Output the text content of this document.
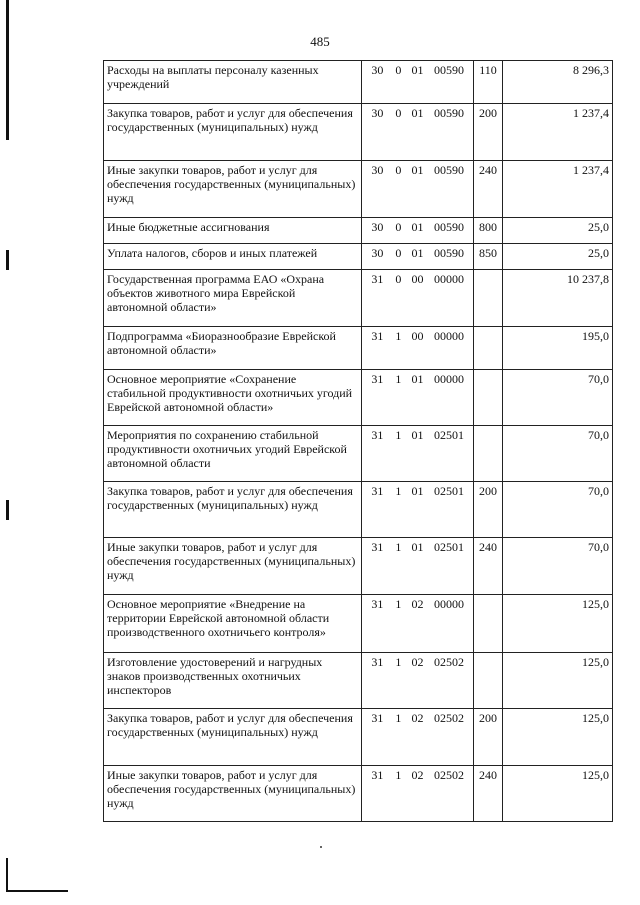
485
Расходы на выплаты персоналу казенных учреждений	30 0 01 00590	110	8 296,3
Закупка товаров, работ и услуг для обеспечения государственных (муниципальных) нужд	30 0 01 00590	200	1 237,4
Иные закупки товаров, работ и услуг для обеспечения государственных (муниципальных) нужд	30 0 01 00590	240	1 237,4
Иные бюджетные ассигнования	30 0 01 00590	800	25,0
Уплата налогов, сборов и иных платежей	30 0 01 00590	850	25,0
Государственная программа ЕАО «Охрана объектов животного мира Еврейской автономной области»	31 0 00 00000		10 237,8
Подпрограмма «Биоразнообразие Еврейской автономной области»	31 1 00 00000		195,0
Основное мероприятие «Сохранение стабильной продуктивности охотничьих угодий Еврейской автономной области»	31 1 01 00000		70,0
Мероприятия по сохранению стабильной продуктивности охотничьих угодий Еврейской автономной области	31 1 01 02501		70,0
Закупка товаров, работ и услуг для обеспечения государственных (муниципальных) нужд	31 1 01 02501	200	70,0
Иные закупки товаров, работ и услуг для обеспечения государственных (муниципальных) нужд	31 1 01 02501	240	70,0
Основное мероприятие «Внедрение на территории Еврейской автономной области производственного охотничьего контроля»	31 1 02 00000		125,0
Изготовление удостоверений и нагрудных знаков производственных охотничьих инспекторов	31 1 02 02502		125,0
Закупка товаров, работ и услуг для обеспечения государственных (муниципальных) нужд	31 1 02 02502	200	125,0
Иные закупки товаров, работ и услуг для обеспечения государственных (муниципальных) нужд	31 1 02 02502	240	125,0
